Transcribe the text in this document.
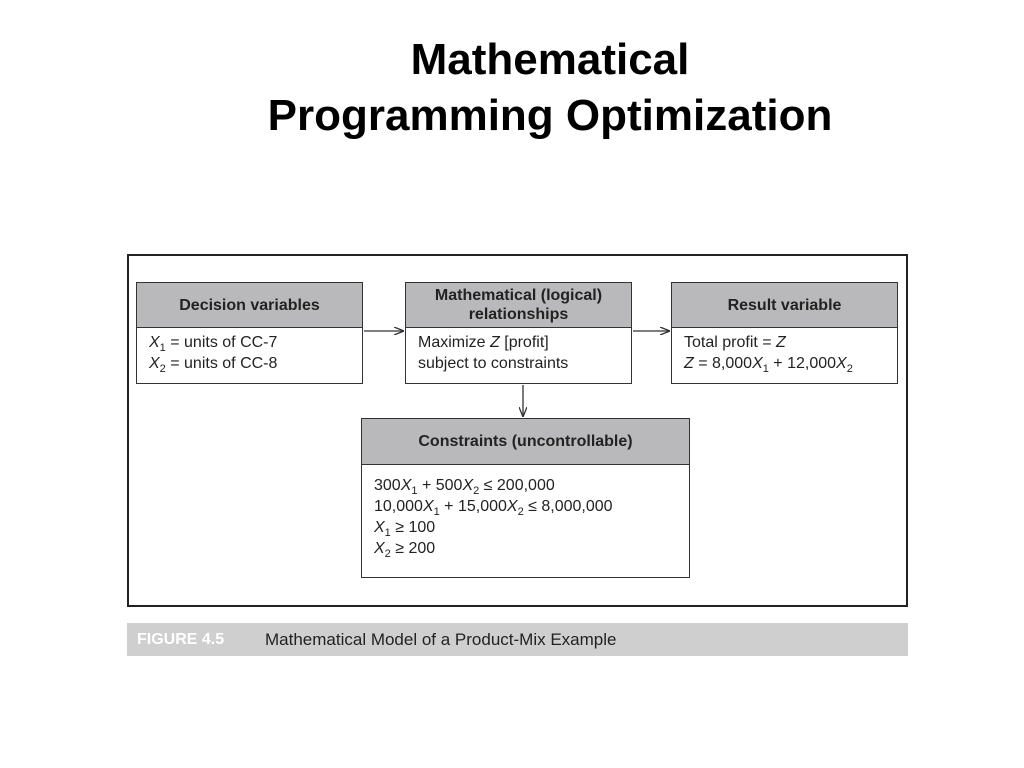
Mathematical
Programming Optimization
Decision variables
$X_1$ = units of CC-7
$X_2$ = units of CC-8
Mathematical (logical)
relationships
Maximize Z [profit]
subject to constraints
Result variable
Total profit = Z
$Z = 8,000X_1 + 12,000X_2$
Constraints (uncontrollable)
$300X_1 + 500X_2 \le 200,000$
$10,000X_1 + 15,000X_2 \le 8,000,000$
$X_1 \ge 100$
$X_2 \ge 200$
FIGURE 4.5	Mathematical Model of a Product-Mix Example
